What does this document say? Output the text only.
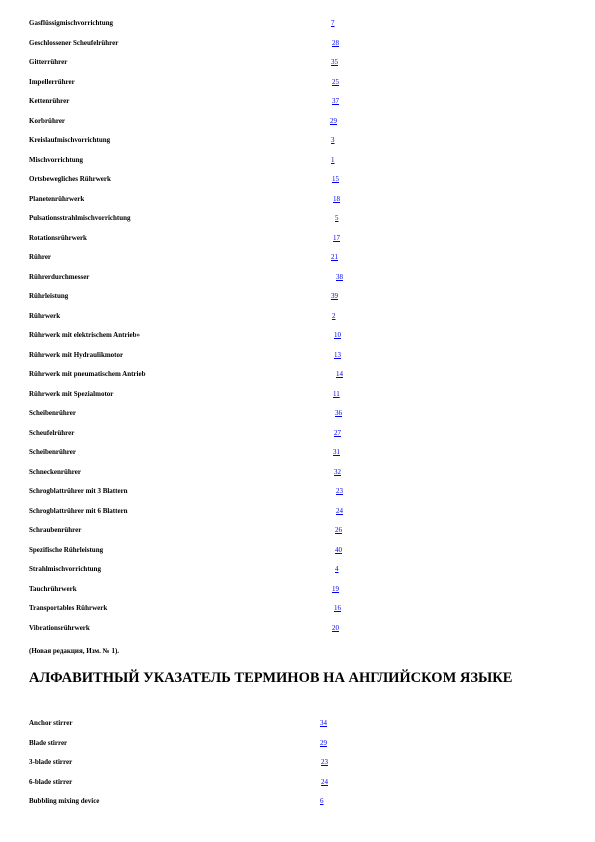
Gasflüssigmischvorrichtung	7
Geschlossener Scheufelrührer	28
Gitterrührer	35
Impellerrührer	25
Kettenrührer	37
Korbrührer	29
Kreislaufmischvorrichtung	3
Mischvorrichtung	1
Ortsbewegliches Rührwerk	15
Planetenrührwerk	18
Pulsationsstrahlmischvorrichtung	5
Rotationsrührwerk	17
Rührer	21
Rührerdurchmesser	38
Rührleistung	39
Rührwerk	2
Rührwerk mit elektrischem Antrieb»	10
Rührwerk mit Hydraulikmotor	13
Rührwerk mit pneumatischem Antrieb	14
Rührwerk mit Spezialmotor	11
Scheibenrührer	36
Scheufelrührer	27
Scheibenrührer	31
Schneckenrührer	32
Schrogblattrührer mit 3 Blattern	23
Schrogblattrührer mit 6 Blattern	24
Schraubenrührer	26
Spezifische Rührleistung	40
Strahlmischvorrichtung	4
Tauchrührwerk	19
Transportables Rührwerk	16
Vibrationsrührwerk	20
(Новая редакция, Изм. № 1).
АЛФАВИТНЫЙ УКАЗАТЕЛЬ ТЕРМИНОВ НА АНГЛИЙСКОМ ЯЗЫКЕ
Anchor stirrer	34
Blade stirrer	29
3-blade stirrer	23
6-blade stirrer	24
Bubbling mixing device	6
